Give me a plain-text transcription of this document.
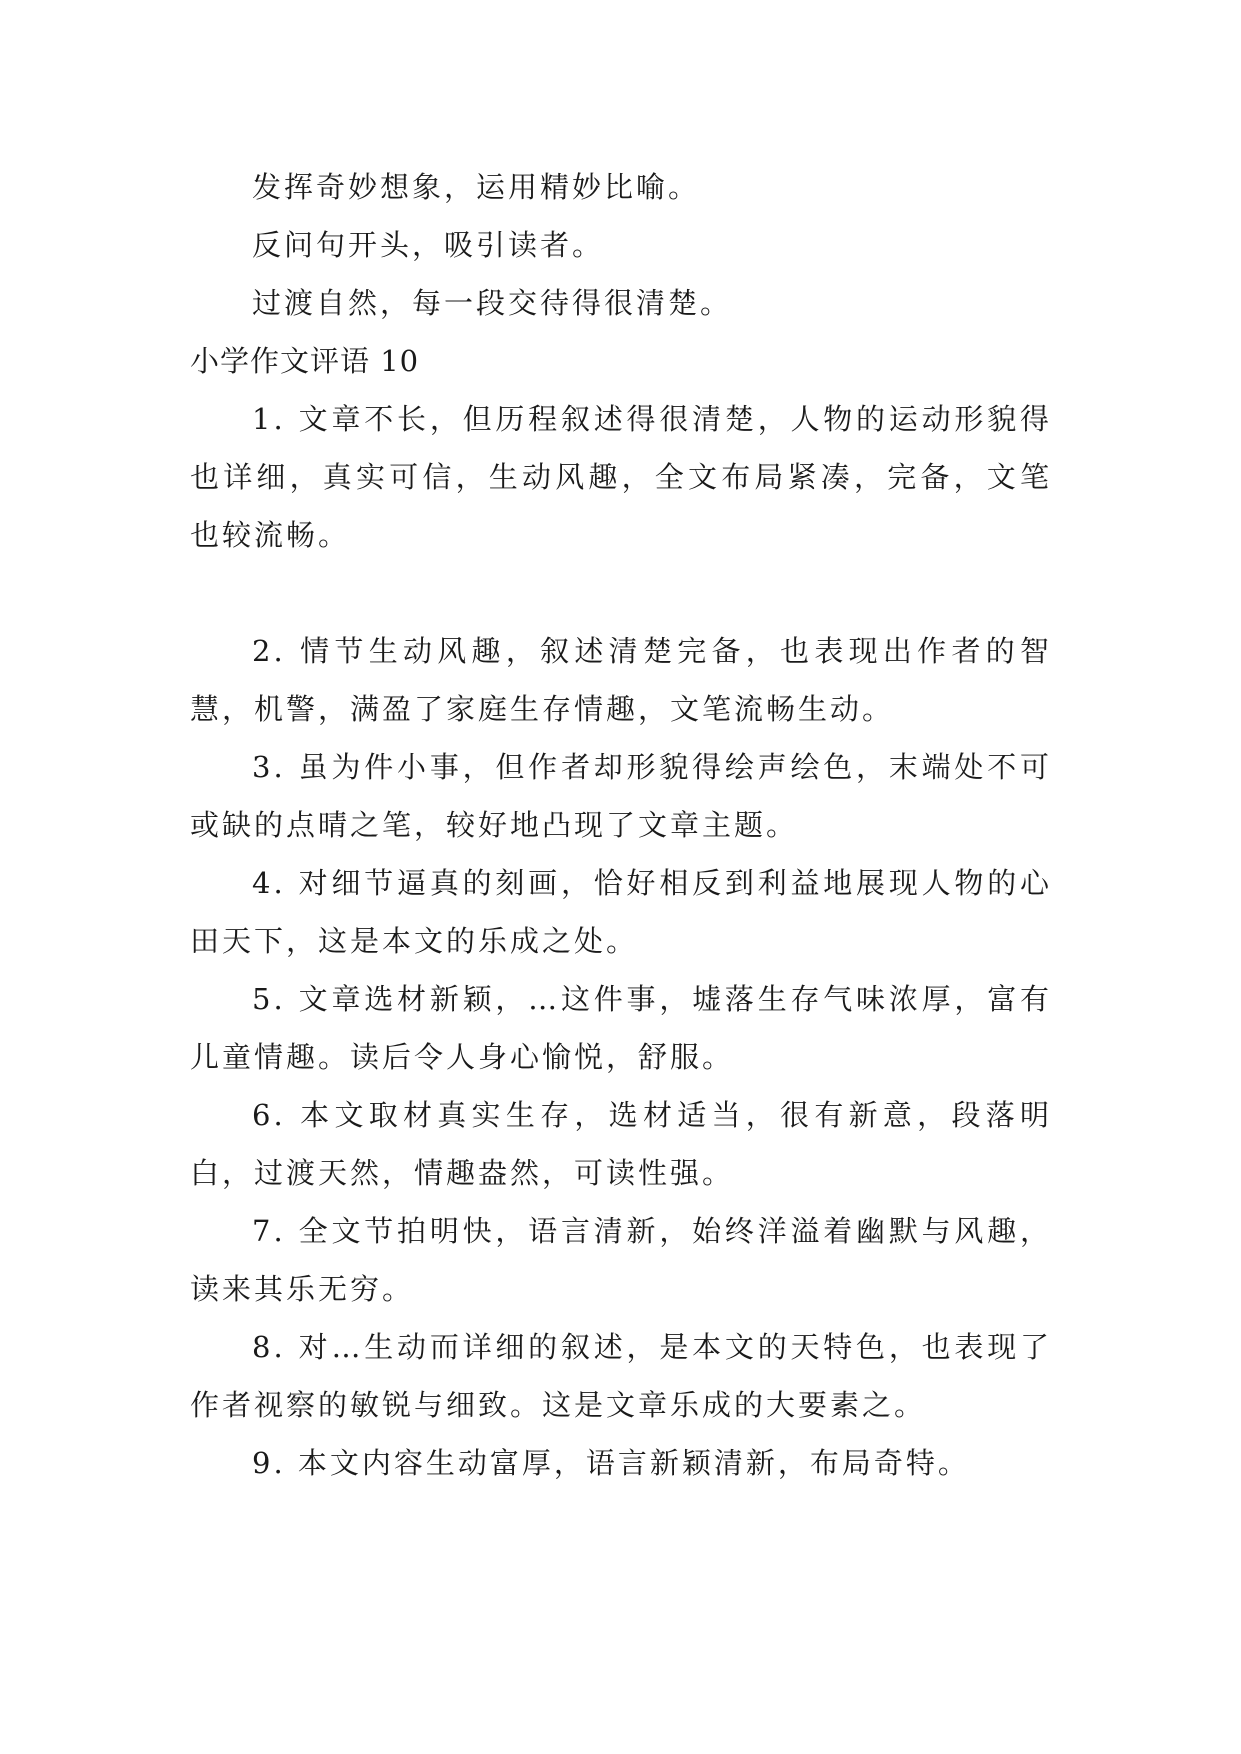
发挥奇妙想象，运用精妙比喻。

反问句开头，吸引读者。

过渡自然，每一段交待得很清楚。

小学作文评语 10

1. 文章不长，但历程叙述得很清楚，人物的运动形貌得也详细，真实可信，生动风趣，全文布局紧凑，完备，文笔也较流畅。

2. 情节生动风趣，叙述清楚完备，也表现出作者的智慧，机警，满盈了家庭生存情趣，文笔流畅生动。

3. 虽为件小事，但作者却形貌得绘声绘色，末端处不可或缺的点晴之笔，较好地凸现了文章主题。

4. 对细节逼真的刻画，恰好相反到利益地展现人物的心田天下，这是本文的乐成之处。

5. 文章选材新颖，…这件事，墟落生存气味浓厚，富有儿童情趣。读后令人身心愉悦，舒服。

6. 本文取材真实生存，选材适当，很有新意，段落明白，过渡天然，情趣盎然，可读性强。

7. 全文节拍明快，语言清新，始终洋溢着幽默与风趣，读来其乐无穷。

8. 对…生动而详细的叙述，是本文的天特色，也表现了作者视察的敏锐与细致。这是文章乐成的大要素之。

9. 本文内容生动富厚，语言新颖清新，布局奇特。
